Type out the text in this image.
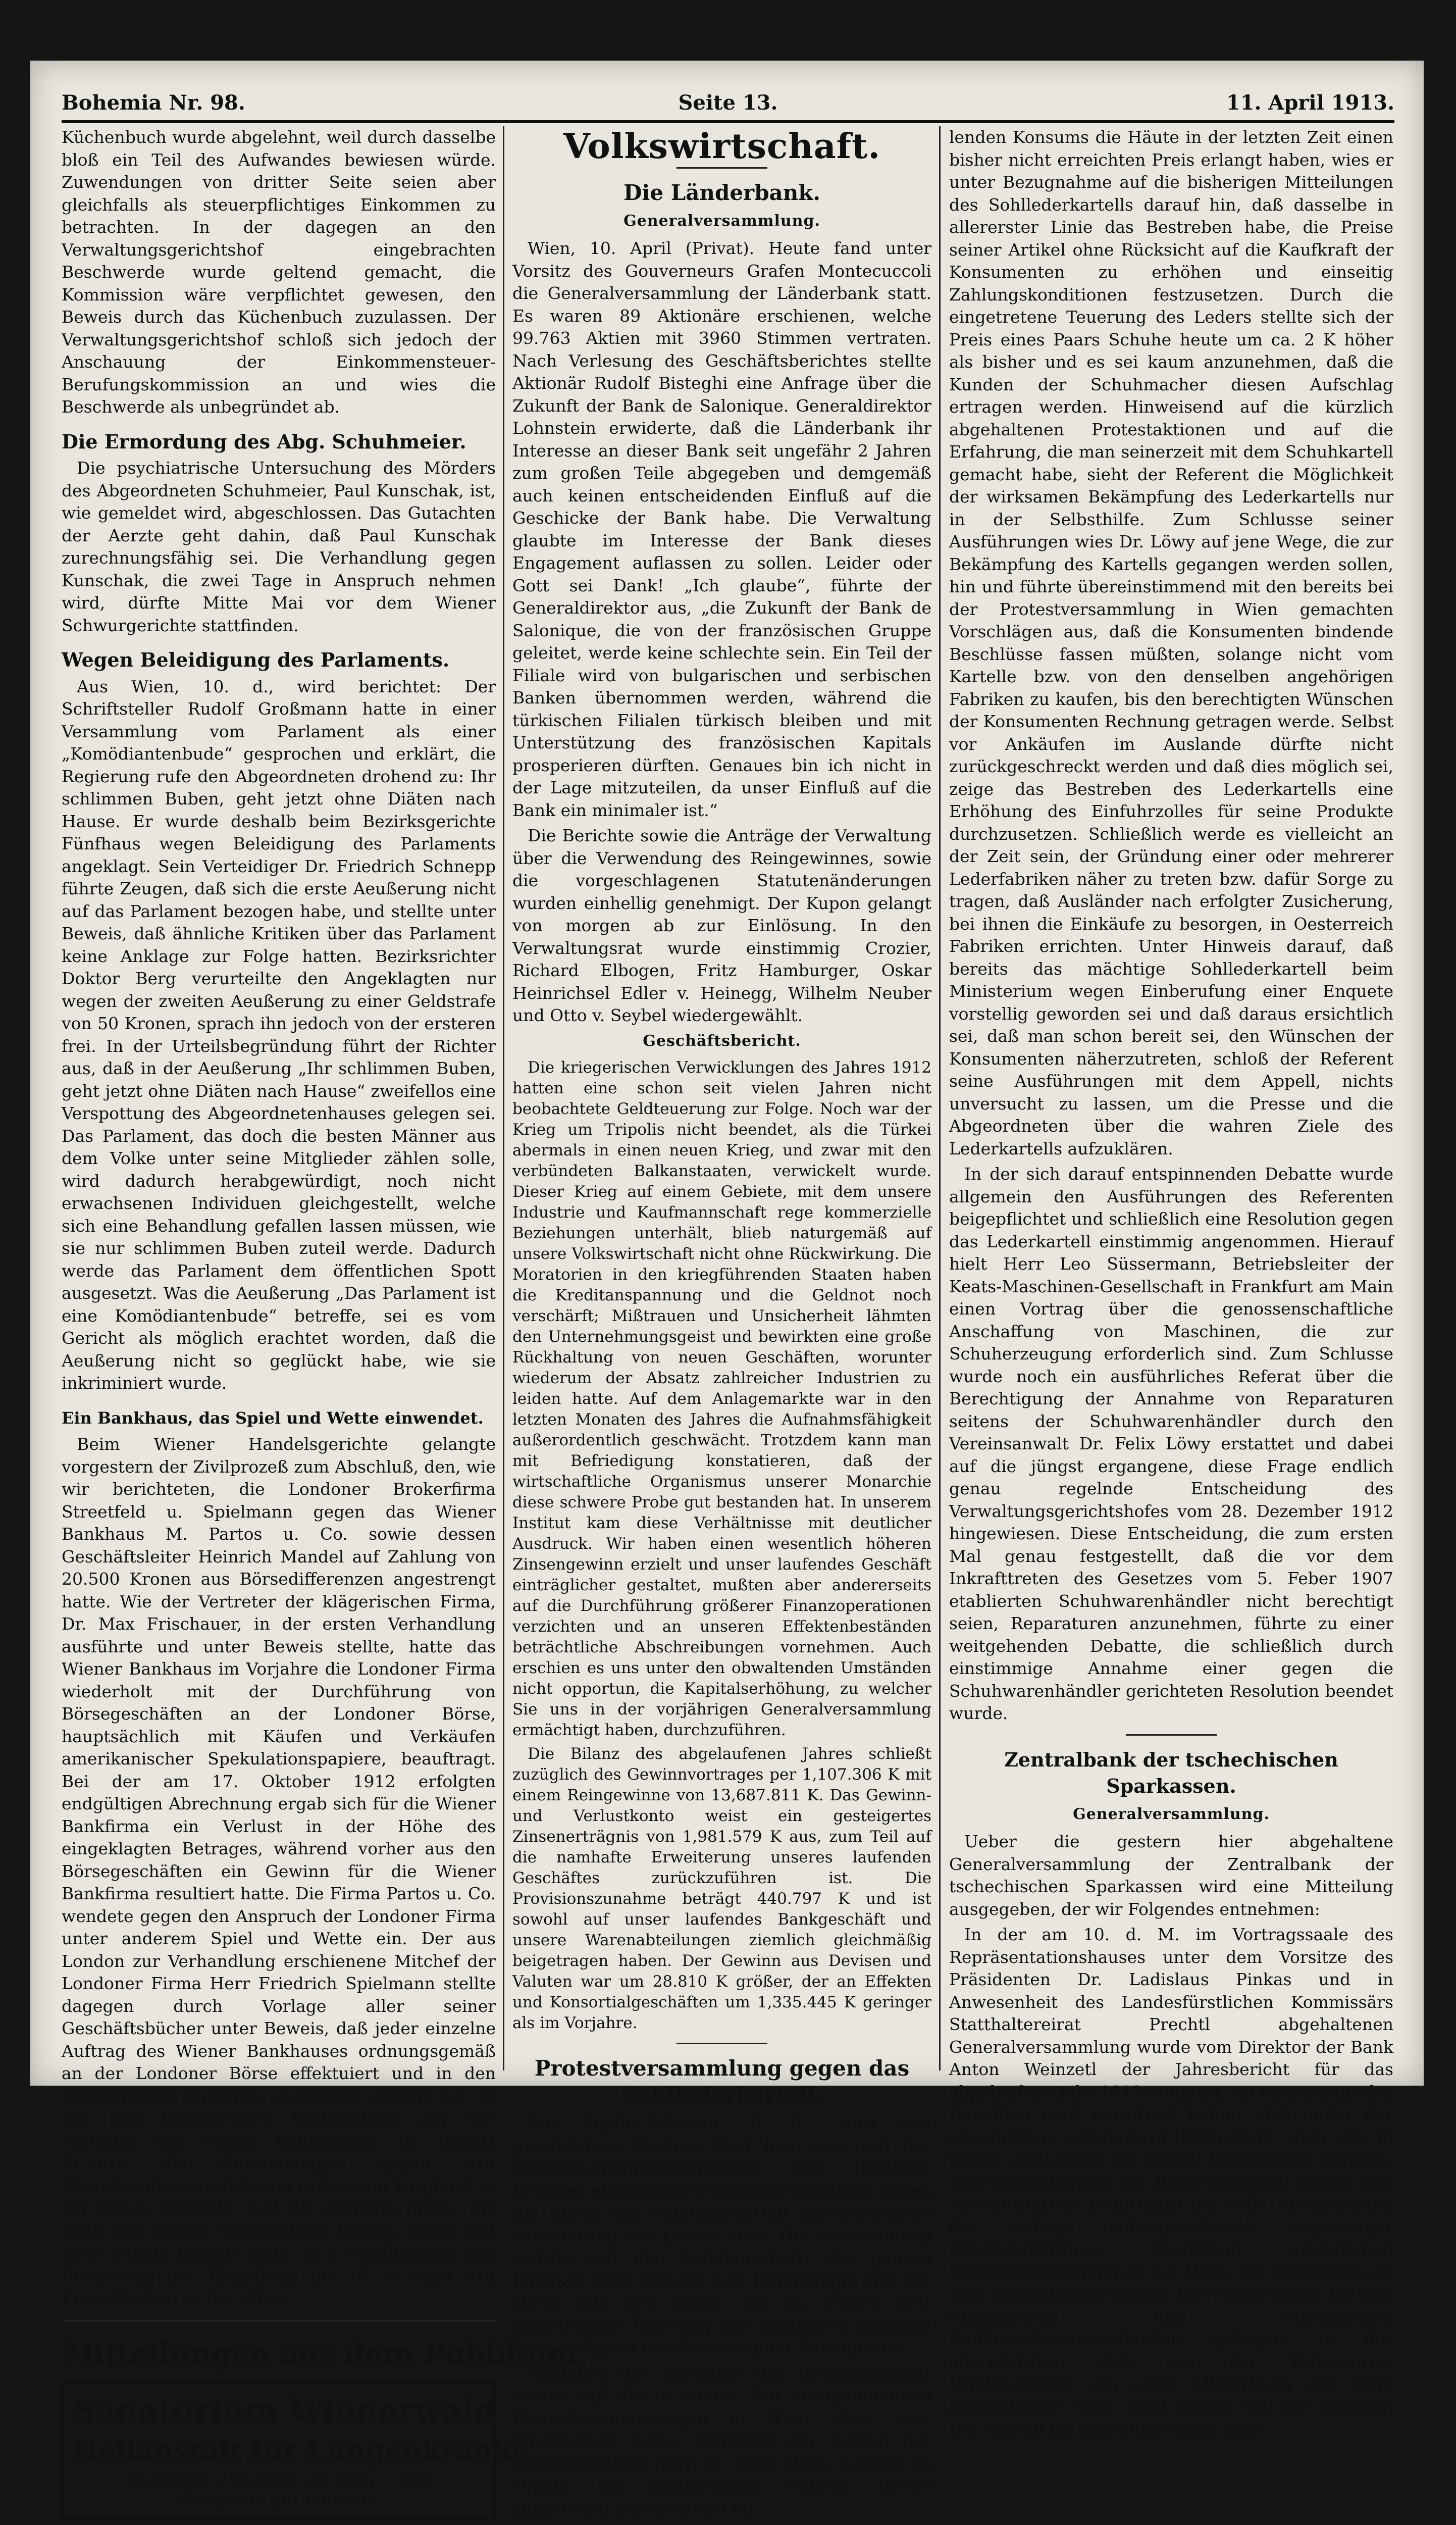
Bohemia Nr. 98.	Seite 13.	11. April 1913.

Küchenbuch wurde abgelehnt, weil durch dasselbe bloß ein Teil des Aufwandes bewiesen würde. Zuwendungen von dritter Seite seien aber gleichfalls als steuerpflichtiges Einkommen zu betrachten. In der dagegen an den Verwaltungsgerichtshof eingebrachten Beschwerde wurde geltend gemacht, die Kommission wäre verpflichtet gewesen, den Beweis durch das Küchenbuch zuzulassen. Der Verwaltungsgerichtshof schloß sich jedoch der Anschauung der Einkommensteuer-Berufungskommission an und wies die Beschwerde als unbegründet ab.

Die Ermordung des Abg. Schuhmeier.

Die psychiatrische Untersuchung des Mörders des Abgeordneten Schuhmeier, Paul Kunschak, ist, wie gemeldet wird, abgeschlossen. Das Gutachten der Aerzte geht dahin, daß Paul Kunschak zurechnungsfähig sei. Die Verhandlung gegen Kunschak, die zwei Tage in Anspruch nehmen wird, dürfte Mitte Mai vor dem Wiener Schwurgerichte stattfinden.

Wegen Beleidigung des Parlaments.

Aus Wien, 10. d., wird berichtet: Der Schriftsteller Rudolf Großmann hatte in einer Versammlung vom Parlament als einer „Komödiantenbude“ gesprochen und erklärt, die Regierung rufe den Abgeordneten drohend zu: Ihr schlimmen Buben, geht jetzt ohne Diäten nach Hause. Er wurde deshalb beim Bezirksgerichte Fünfhaus wegen Beleidigung des Parlaments angeklagt. Sein Verteidiger Dr. Friedrich Schnepp führte Zeugen, daß sich die erste Aeußerung nicht auf das Parlament bezogen habe, und stellte unter Beweis, daß ähnliche Kritiken über das Parlament keine Anklage zur Folge hatten. Bezirksrichter Doktor Berg verurteilte den Angeklagten nur wegen der zweiten Aeußerung zu einer Geldstrafe von 50 Kronen, sprach ihn jedoch von der ersteren frei. In der Urteilsbegründung führt der Richter aus, daß in der Aeußerung „Ihr schlimmen Buben, geht jetzt ohne Diäten nach Hause“ zweifellos eine Verspottung des Abgeordnetenhauses gelegen sei. Das Parlament, das doch die besten Männer aus dem Volke unter seine Mitglieder zählen solle, wird dadurch herabgewürdigt, noch nicht erwachsenen Individuen gleichgestellt, welche sich eine Behandlung gefallen lassen müssen, wie sie nur schlimmen Buben zuteil werde. Dadurch werde das Parlament dem öffentlichen Spott ausgesetzt. Was die Aeußerung „Das Parlament ist eine Komödiantenbude“ betreffe, sei es vom Gericht als möglich erachtet worden, daß die Aeußerung nicht so geglückt habe, wie sie inkriminiert wurde.

Ein Bankhaus, das Spiel und Wette einwendet.

Beim Wiener Handelsgerichte gelangte vorgestern der Zivilprozeß zum Abschluß, den, wie wir berichteten, die Londoner Brokerfirma Streetfeld u. Spielmann gegen das Wiener Bankhaus M. Partos u. Co. sowie dessen Geschäftsleiter Heinrich Mandel auf Zahlung von 20.500 Kronen aus Börsedifferenzen angestrengt hatte. Wie der Vertreter der klägerischen Firma, Dr. Max Frischauer, in der ersten Verhandlung ausführte und unter Beweis stellte, hatte das Wiener Bankhaus im Vorjahre die Londoner Firma wiederholt mit der Durchführung von Börsegeschäften an der Londoner Börse, hauptsächlich mit Käufen und Verkäufen amerikanischer Spekulationspapiere, beauftragt. Bei der am 17. Oktober 1912 erfolgten endgültigen Abrechnung ergab sich für die Wiener Bankfirma ein Verlust in der Höhe des eingeklagten Betrages, während vorher aus den Börsegeschäften ein Gewinn für die Wiener Bankfirma resultiert hatte. Die Firma Partos u. Co. wendete gegen den Anspruch der Londoner Firma unter anderem Spiel und Wette ein. Der aus London zur Verhandlung erschienene Mitchef der Londoner Firma Herr Friedrich Spielmann stellte dagegen durch Vorlage aller seiner Geschäftsbücher unter Beweis, daß jeder einzelne Auftrag des Wiener Bankhauses ordnungsgemäß an der Londoner Börse effektuiert und in den einschlägigen Papieren ausgeführt worden sei. In der nun fortgesetzten Verhandlung zog der Vertreter des Wiener Bankhauses, Dr. Robert Fischer, die Einwendungen gegen den Klagebegehren zurück und es kam ein Vergleich in der Weise zustande, daß die geklagte Firma, die nach der ersten Verhandlung bereits einen Teil ihrer Schuld bezahlt hatte, sich verpflichtete, den Restbetrag der Klagsfirma bis 26. d. samt den Prozeßkosten zu bezahlen.

Mitteilungen aus dem Publikum.
Sanatorium Wienerwald
Heilanstalt für Lungenkranke
bei Pernitz, 2 Stunden von Wien. 866
Prospekte auf Wunsch.
Volkswirtschaft.
Die Länderbank.
Generalversammlung.

Wien, 10. April (Privat). Heute fand unter Vorsitz des Gouverneurs Grafen Montecuccoli die Generalversammlung der Länderbank statt. Es waren 89 Aktionäre erschienen, welche 99.763 Aktien mit 3960 Stimmen vertraten. Nach Verlesung des Geschäftsberichtes stellte Aktionär Rudolf Bisteghi eine Anfrage über die Zukunft der Bank de Salonique. Generaldirektor Lohnstein erwiderte, daß die Länderbank ihr Interesse an dieser Bank seit ungefähr 2 Jahren zum großen Teile abgegeben und demgemäß auch keinen entscheidenden Einfluß auf die Geschicke der Bank habe. Die Verwaltung glaubte im Interesse der Bank dieses Engagement auflassen zu sollen. Leider oder Gott sei Dank! „Ich glaube“, führte der Generaldirektor aus, „die Zukunft der Bank de Salonique, die von der französischen Gruppe geleitet, werde keine schlechte sein. Ein Teil der Filiale wird von bulgarischen und serbischen Banken übernommen werden, während die türkischen Filialen türkisch bleiben und mit Unterstützung des französischen Kapitals prosperieren dürften. Genaues bin ich nicht in der Lage mitzuteilen, da unser Einfluß auf die Bank ein minimaler ist.“

Die Berichte sowie die Anträge der Verwaltung über die Verwendung des Reingewinnes, sowie die vorgeschlagenen Statutenänderungen wurden einhellig genehmigt. Der Kupon gelangt von morgen ab zur Einlösung. In den Verwaltungsrat wurde einstimmig Crozier, Richard Elbogen, Fritz Hamburger, Oskar Heinrichsel Edler v. Heinegg, Wilhelm Neuber und Otto v. Seybel wiedergewählt.

Geschäftsbericht.

Die kriegerischen Verwicklungen des Jahres 1912 hatten eine schon seit vielen Jahren nicht beobachtete Geldteuerung zur Folge. Noch war der Krieg um Tripolis nicht beendet, als die Türkei abermals in einen neuen Krieg, und zwar mit den verbündeten Balkanstaaten, verwickelt wurde. Dieser Krieg auf einem Gebiete, mit dem unsere Industrie und Kaufmannschaft rege kommerzielle Beziehungen unterhält, blieb naturgemäß auf unsere Volkswirtschaft nicht ohne Rückwirkung. Die Moratorien in den kriegführenden Staaten haben die Kreditanspannung und die Geldnot noch verschärft; Mißtrauen und Unsicherheit lähmten den Unternehmungsgeist und bewirkten eine große Rückhaltung von neuen Geschäften, worunter wiederum der Absatz zahlreicher Industrien zu leiden hatte. Auf dem Anlagemarkte war in den letzten Monaten des Jahres die Aufnahmsfähigkeit außerordentlich geschwächt. Trotzdem kann man mit Befriedigung konstatieren, daß der wirtschaftliche Organismus unserer Monarchie diese schwere Probe gut bestanden hat. In unserem Institut kam diese Verhältnisse mit deutlicher Ausdruck. Wir haben einen wesentlich höheren Zinsengewinn erzielt und unser laufendes Geschäft einträglicher gestaltet, mußten aber andererseits auf die Durchführung größerer Finanzoperationen verzichten und an unseren Effektenbeständen beträchtliche Abschreibungen vornehmen. Auch erschien es uns unter den obwaltenden Umständen nicht opportun, die Kapitalserhöhung, zu welcher Sie uns in der vorjährigen Generalversammlung ermächtigt haben, durchzuführen.

Die Bilanz des abgelaufenen Jahres schließt zuzüglich des Gewinnvortrages per 1,107.306 K mit einem Reingewinne von 13,687.811 K. Das Gewinn- und Verlustkonto weist ein gesteigertes Zinsenerträgnis von 1,981.579 K aus, zum Teil auf die namhafte Erweiterung unseres laufenden Geschäftes zurückzuführen ist. Die Provisionszunahme beträgt 440.797 K und ist sowohl auf unser laufendes Bankgeschäft und unsere Warenabteilungen ziemlich gleichmäßig beigetragen haben. Der Gewinn aus Devisen und Valuten war um 28.810 K größer, der an Effekten und Konsortialgeschäften um 1,335.445 K geringer als im Vorjahre.

Protestversammlung gegen das Sohllederkartell.

Aus Teplitz-Schönau, 9. d., wird uns geschrieben: Gestern fand hier eine von der Schuhmachergenossenschaft des Teplitzer Bezirkes einberufene Protestversammlung gegen die durch das Sohllederkartell hervorgerufene Verteuerung des Leders statt. Die Versammlung welche von den Schuhmachern des ganzen Bezirkes stark besucht war, beschäftigte sich vor allem mit der durch die in letzter Zeit eingetretene Teuerung des Sohlleders bedingte Notwendigkeit der Erhöhung der Schuhpreise.

Nachdem der Vorsteher der Genossenschaft Czeika auf die in letzter Zeit stattgefundenen Protestversammlungen in Wien, Graz usw. hingewiesen hatte, erstattete der Anwalt der Genossenschaft Herr Dr. Felix Löwy, Advokat in Teplitz, ein ausführliches Referat. Davon ausgehend, daß trotz des fal-

lenden Konsums die Häute in der letzten Zeit einen bisher nicht erreichten Preis erlangt haben, wies er unter Bezugnahme auf die bisherigen Mitteilungen des Sohllederkartells darauf hin, daß dasselbe in allererster Linie das Bestreben habe, die Preise seiner Artikel ohne Rücksicht auf die Kaufkraft der Konsumenten zu erhöhen und einseitig Zahlungskonditionen festzusetzen. Durch die eingetretene Teuerung des Leders stellte sich der Preis eines Paars Schuhe heute um ca. 2 K höher als bisher und es sei kaum anzunehmen, daß die Kunden der Schuhmacher diesen Aufschlag ertragen werden. Hinweisend auf die kürzlich abgehaltenen Protestaktionen und auf die Erfahrung, die man seinerzeit mit dem Schuhkartell gemacht habe, sieht der Referent die Möglichkeit der wirksamen Bekämpfung des Lederkartells nur in der Selbsthilfe. Zum Schlusse seiner Ausführungen wies Dr. Löwy auf jene Wege, die zur Bekämpfung des Kartells gegangen werden sollen, hin und führte übereinstimmend mit den bereits bei der Protestversammlung in Wien gemachten Vorschlägen aus, daß die Konsumenten bindende Beschlüsse fassen müßten, solange nicht vom Kartelle bzw. von den denselben angehörigen Fabriken zu kaufen, bis den berechtigten Wünschen der Konsumenten Rechnung getragen werde. Selbst vor Ankäufen im Auslande dürfte nicht zurückgeschreckt werden und daß dies möglich sei, zeige das Bestreben des Lederkartells eine Erhöhung des Einfuhrzolles für seine Produkte durchzusetzen. Schließlich werde es vielleicht an der Zeit sein, der Gründung einer oder mehrerer Lederfabriken näher zu treten bzw. dafür Sorge zu tragen, daß Ausländer nach erfolgter Zusicherung, bei ihnen die Einkäufe zu besorgen, in Oesterreich Fabriken errichten. Unter Hinweis darauf, daß bereits das mächtige Sohllederkartell beim Ministerium wegen Einberufung einer Enquete vorstellig geworden sei und daß daraus ersichtlich sei, daß man schon bereit sei, den Wünschen der Konsumenten näherzutreten, schloß der Referent seine Ausführungen mit dem Appell, nichts unversucht zu lassen, um die Presse und die Abgeordneten über die wahren Ziele des Lederkartells aufzuklären.

In der sich darauf entspinnenden Debatte wurde allgemein den Ausführungen des Referenten beigepflichtet und schließlich eine Resolution gegen das Lederkartell einstimmig angenommen. Hierauf hielt Herr Leo Süssermann, Betriebsleiter der Keats-Maschinen-Gesellschaft in Frankfurt am Main einen Vortrag über die genossenschaftliche Anschaffung von Maschinen, die zur Schuherzeugung erforderlich sind. Zum Schlusse wurde noch ein ausführliches Referat über die Berechtigung der Annahme von Reparaturen seitens der Schuhwarenhändler durch den Vereinsanwalt Dr. Felix Löwy erstattet und dabei auf die jüngst ergangene, diese Frage endlich genau regelnde Entscheidung des Verwaltungsgerichtshofes vom 28. Dezember 1912 hingewiesen. Diese Entscheidung, die zum ersten Mal genau festgestellt, daß die vor dem Inkrafttreten des Gesetzes vom 5. Feber 1907 etablierten Schuhwarenhändler nicht berechtigt seien, Reparaturen anzunehmen, führte zu einer weitgehenden Debatte, die schließlich durch einstimmige Annahme einer gegen die Schuhwarenhändler gerichteten Resolution beendet wurde.

Zentralbank der tschechischen Sparkassen.
Generalversammlung.

Ueber die gestern hier abgehaltene Generalversammlung der Zentralbank der tschechischen Sparkassen wird eine Mitteilung ausgegeben, der wir Folgendes entnehmen:

In der am 10. d. M. im Vortragssaale des Repräsentationshauses unter dem Vorsitze des Präsidenten Dr. Ladislaus Pinkas und in Anwesenheit des Landesfürstlichen Kommissärs Statthaltereirat Prechtl abgehaltenen Generalversammlung wurde vom Direktor der Bank Anton Weinzetl der Jahresbericht für das abgelaufene Jahr 1913 erstattet. Im Kommentar des Berichtes wird einleitend betont, daß außer der allgemeinen schwierigen Finanzlage auch die in letzter Zeit gegen die Anstalt inszenierten Angriffe, den Geschäftsgang der Bank beeinflußt haben. Der Verwaltungsrat beantragte die volle Abschreibung der zufolge außergewöhnlich ungünstiger Kreditverhältnisse zweifelhaft gewordenen Wechselforderungen in der Höhe von 250.000 K aus dem Spezialreservefonde. Die Forderungen bei den rumänischen und ruthenischen Raiffeisenkassenverbänden gelangen in der allernächsten Zeit aus der Bukowinaer Landesanleihe, die unter Mitwirkung der Bank perfektioniert wird, samt Zinsen voll zur Zahlung. Der Ausfall bei den Bukowinaer Holz-
